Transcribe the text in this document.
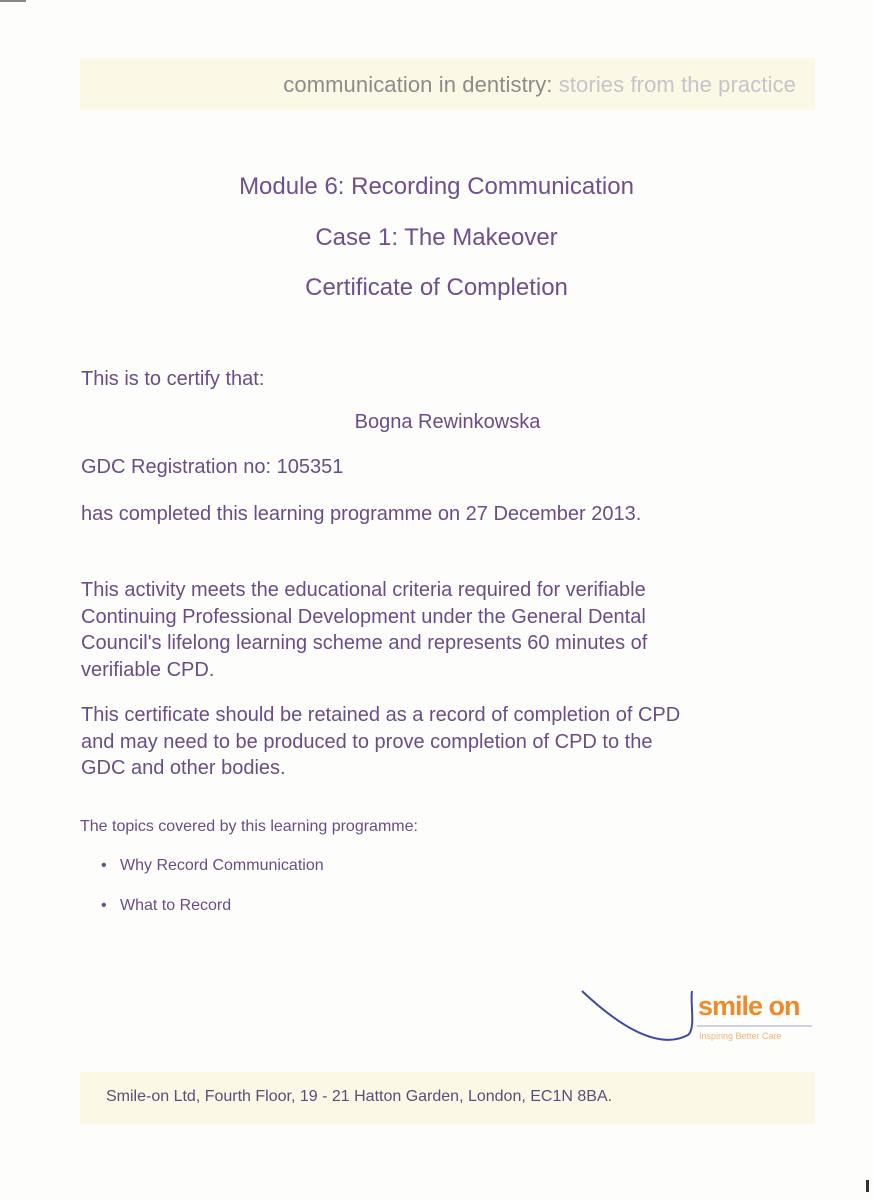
communication in dentistry: stories from the practice
Module 6: Recording Communication
Case 1: The Makeover
Certificate of Completion
This is to certify that:
Bogna Rewinkowska
GDC Registration no: 105351
has completed this learning programme on 27 December 2013.
This activity meets the educational criteria required for verifiable
Continuing Professional Development under the General Dental
Council's lifelong learning scheme and represents 60 minutes of
verifiable CPD.
This certificate should be retained as a record of completion of CPD
and may need to be produced to prove completion of CPD to the
GDC and other bodies.
The topics covered by this learning programme:
• Why Record Communication
• What to Record
smile on
Inspiring Better Care
Smile-on Ltd, Fourth Floor, 19 - 21 Hatton Garden, London, EC1N 8BA.
